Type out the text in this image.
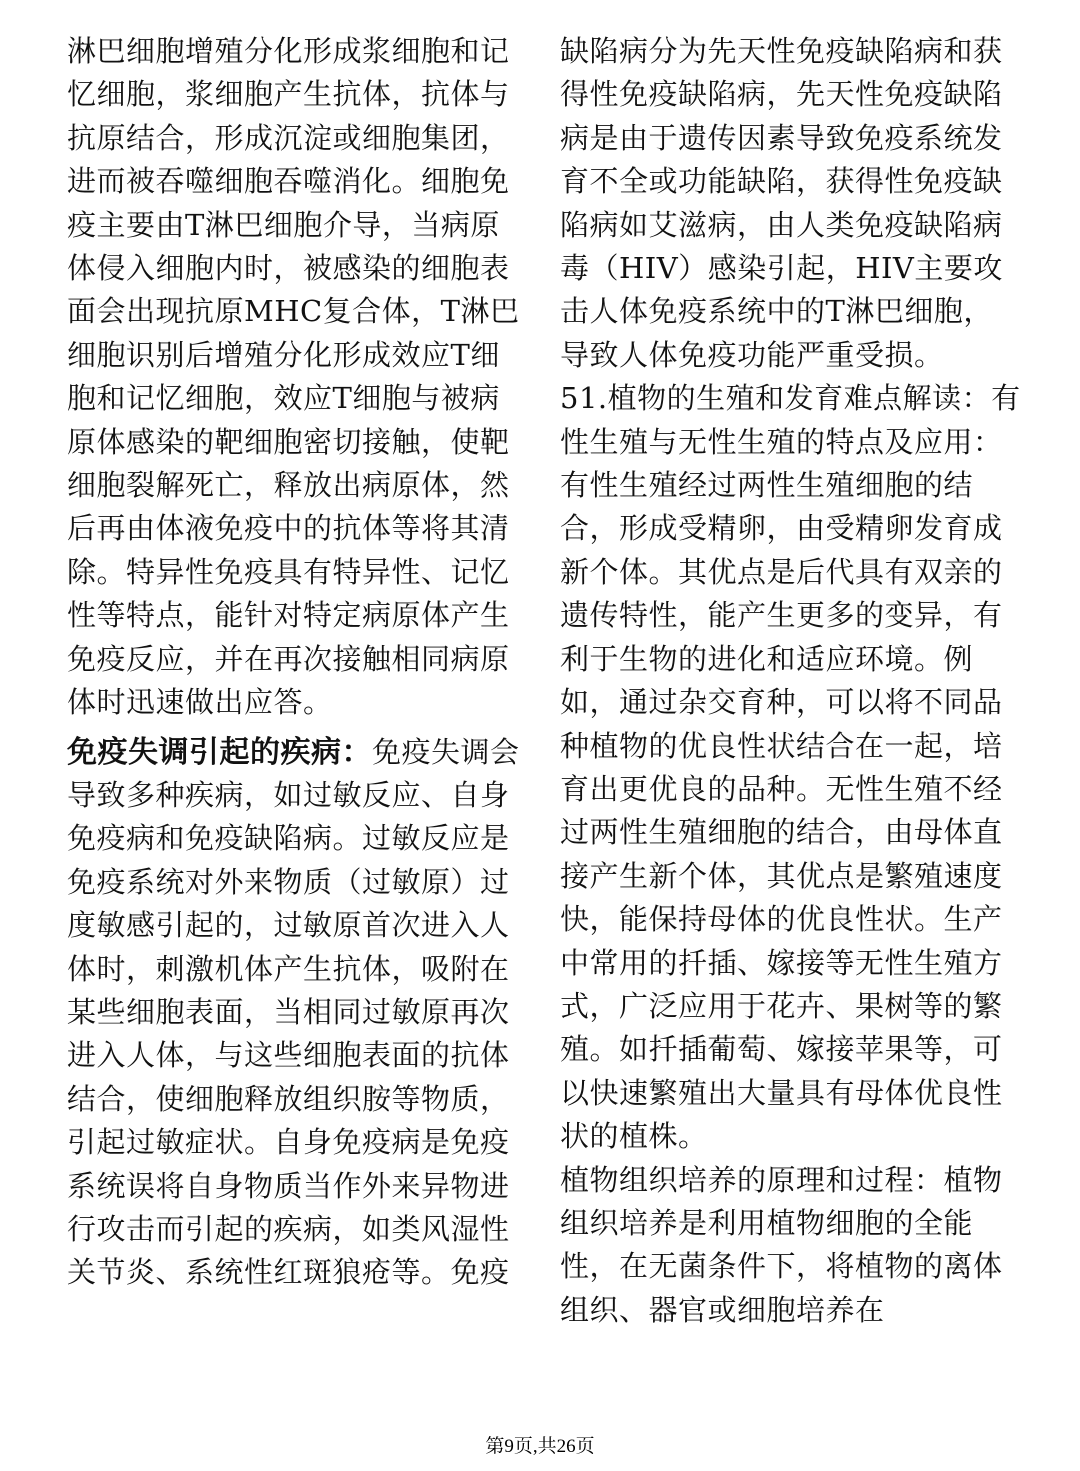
淋巴细胞增殖分化形成浆细胞和记忆细胞，浆细胞产生抗体，抗体与抗原结合，形成沉淀或细胞集团，进而被吞噬细胞吞噬消化。细胞免疫主要由T淋巴细胞介导，当病原体侵入细胞内时，被感染的细胞表面会出现抗原MHC复合体，T淋巴细胞识别后增殖分化形成效应T细胞和记忆细胞，效应T细胞与被病原体感染的靶细胞密切接触，使靶细胞裂解死亡，释放出病原体，然后再由体液免疫中的抗体等将其清除。特异性免疫具有特异性、记忆性等特点，能针对特定病原体产生免疫反应，并在再次接触相同病原体时迅速做出应答。

免疫失调引起的疾病：免疫失调会导致多种疾病，如过敏反应、自身免疫病和免疫缺陷病。过敏反应是免疫系统对外来物质（过敏原）过度敏感引起的，过敏原首次进入人体时，刺激机体产生抗体，吸附在某些细胞表面，当相同过敏原再次进入人体，与这些细胞表面的抗体结合，使细胞释放组织胺等物质，引起过敏症状。自身免疫病是免疫系统误将自身物质当作外来异物进行攻击而引起的疾病，如类风湿性关节炎、系统性红斑狼疮等。免疫

缺陷病分为先天性免疫缺陷病和获得性免疫缺陷病，先天性免疫缺陷病是由于遗传因素导致免疫系统发育不全或功能缺陷，获得性免疫缺陷病如艾滋病，由人类免疫缺陷病毒（HIV）感染引起，HIV主要攻击人体免疫系统中的T淋巴细胞，导致人体免疫功能严重受损。

51.植物的生殖和发育难点解读：有性生殖与无性生殖的特点及应用：有性生殖经过两性生殖细胞的结合，形成受精卵，由受精卵发育成新个体。其优点是后代具有双亲的遗传特性，能产生更多的变异，有利于生物的进化和适应环境。例如，通过杂交育种，可以将不同品种植物的优良性状结合在一起，培育出更优良的品种。无性生殖不经过两性生殖细胞的结合，由母体直接产生新个体，其优点是繁殖速度快，能保持母体的优良性状。生产中常用的扦插、嫁接等无性生殖方式，广泛应用于花卉、果树等的繁殖。如扦插葡萄、嫁接苹果等，可以快速繁殖出大量具有母体优良性状的植株。

植物组织培养的原理和过程：植物组织培养是利用植物细胞的全能性，在无菌条件下，将植物的离体组织、器官或细胞培养在

第9页,共26页
